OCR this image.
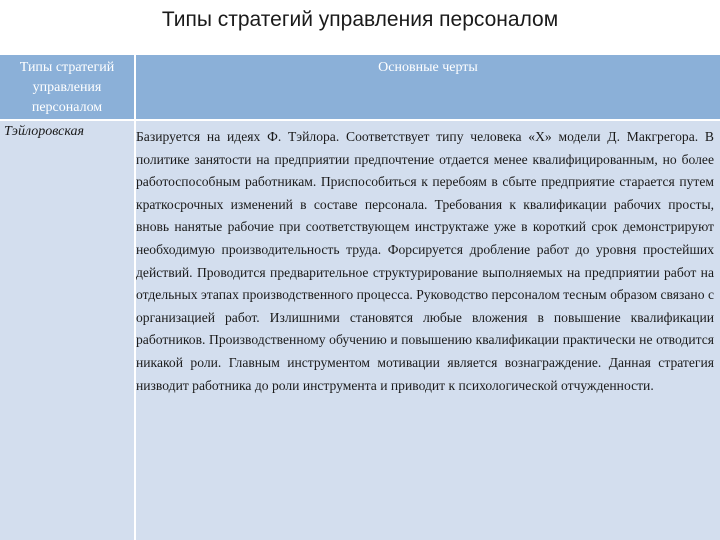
Типы стратегий управления персоналом
Типы стратегий управления персоналом
Основные черты
Тэйлоровская	Базируется на идеях Ф. Тэйлора. Соответствует типу человека «Х» модели Д. Макгрегора. В политике занятости на предприятии предпочтение отдается менее квалифицированным, но более работоспособным работникам. Приспособиться к перебоям в сбыте предприятие старается путем краткосрочных изменений в составе персонала. Требования к квалификации рабочих просты, вновь нанятые рабочие при соответствующем инструктаже уже в короткий срок демонстрируют необходимую производительность труда. Форсируется дробление работ до уровня простейших действий. Проводится предварительное структурирование выполняемых на предприятии работ на отдельных этапах производственного процесса. Руководство персоналом тесным образом связано с организацией работ. Излишними становятся любые вложения в повышение квалификации работников. Производственному обучению и повышению квалификации практически не отводится никакой роли. Главным инструментом мотивации является вознаграждение. Данная стратегия низводит работника до роли инструмента и приводит к психологической отчужденности.
